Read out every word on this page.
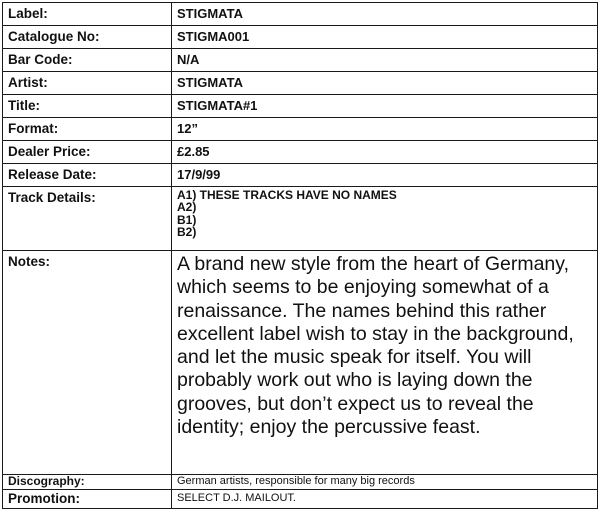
Label:	STIGMATA
Catalogue No:	STIGMA001
Bar Code:	N/A
Artist:	STIGMATA
Title:	STIGMATA#1
Format:	12”
Dealer Price:	£2.85
Release Date:	17/9/99
Track Details:	A1) THESE TRACKS HAVE NO NAMES
A2)
B1)
B2)

Notes:	A brand new style from the heart of Germany, which seems to be enjoying somewhat of a renaissance. The names behind this rather excellent label wish to stay in the background, and let the music speak for itself. You will probably work out who is laying down the grooves, but don’t expect us to reveal the identity; enjoy the percussive feast.
Discography:	German artists, responsible for many big records
Promotion:	SELECT D.J. MAILOUT.
